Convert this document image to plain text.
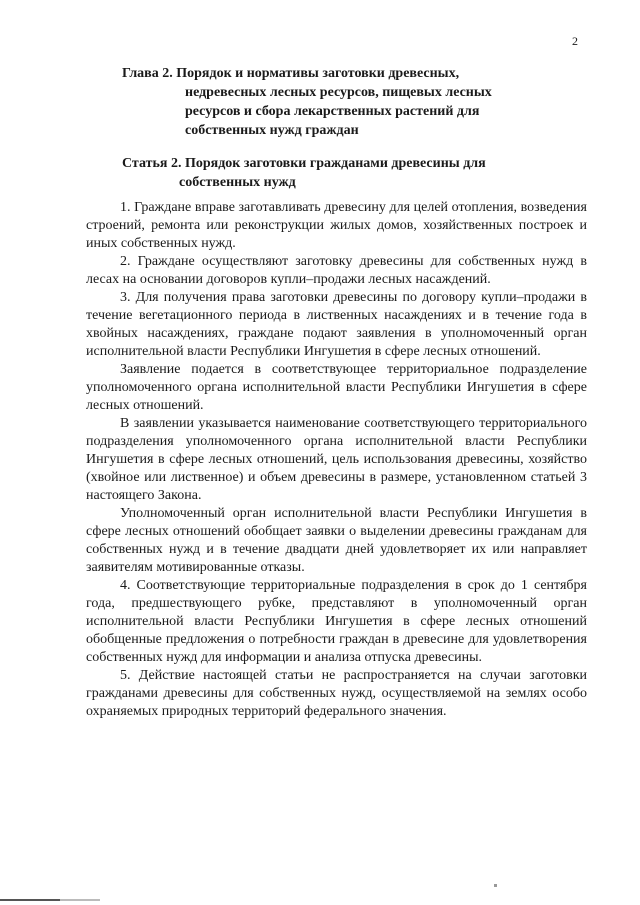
2
Глава 2. Порядок и нормативы заготовки древесных,
недревесных лесных ресурсов, пищевых лесных
ресурсов и сбора лекарственных растений для
собственных нужд граждан
Статья 2. Порядок заготовки гражданами древесины для
собственных нужд

1. Граждане вправе заготавливать древесину для целей отопления, возведения строений, ремонта или реконструкции жилых домов, хозяйственных построек и иных собственных нужд.

2. Граждане осуществляют заготовку древесины для собственных нужд в лесах на основании договоров купли–продажи лесных насаждений.

3. Для получения права заготовки древесины по договору купли–продажи в течение вегетационного периода в лиственных насаждениях и в течение года в хвойных насаждениях, граждане подают заявления в уполномоченный орган исполнительной власти Республики Ингушетия в сфере лесных отношений.

Заявление подается в соответствующее территориальное подразделение уполномоченного органа исполнительной власти Республики Ингушетия в сфере лесных отношений.

В заявлении указывается наименование соответствующего территориального подразделения уполномоченного органа исполнительной власти Республики Ингушетия в сфере лесных отношений, цель использования древесины, хозяйство (хвойное или лиственное) и объем древесины в размере, установленном статьей 3 настоящего Закона.

Уполномоченный орган исполнительной власти Республики Ингушетия в сфере лесных отношений обобщает заявки о выделении древесины гражданам для собственных нужд и в течение двадцати дней удовлетворяет их или направляет заявителям мотивированные отказы.

4. Соответствующие территориальные подразделения в срок до 1 сентября года, предшествующего рубке, представляют в уполномоченный орган исполнительной власти Республики Ингушетия в сфере лесных отношений обобщенные предложения о потребности граждан в древесине для удовлетворения собственных нужд для информации и анализа отпуска древесины.

5. Действие настоящей статьи не распространяется на случаи заготовки гражданами древесины для собственных нужд, осуществляемой на землях особо охраняемых природных территорий федерального значения.
